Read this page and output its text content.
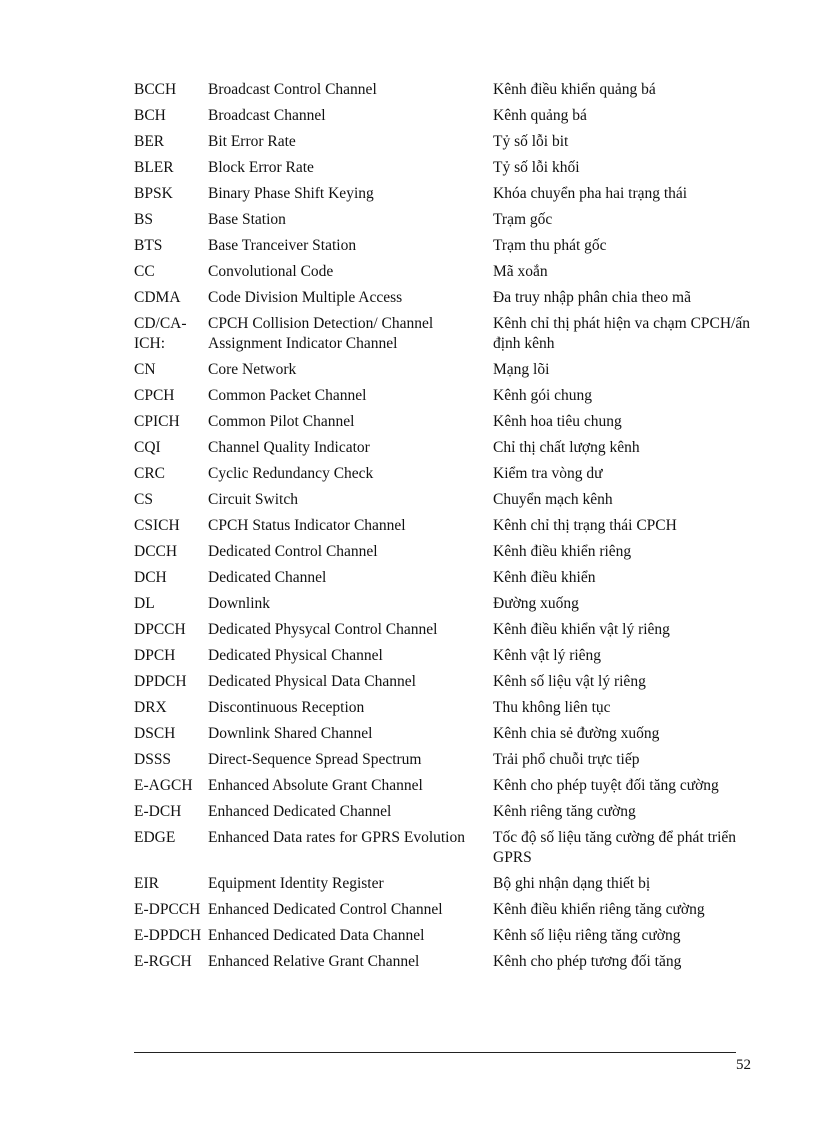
BCCH	Broadcast Control Channel	Kênh điều khiển quảng bá
BCH	Broadcast Channel	Kênh quảng bá
BER	Bit Error Rate	Tỷ số lỗi bit
BLER	Block Error Rate	Tỷ số lỗi khối
BPSK	Binary Phase Shift Keying	Khóa chuyển pha hai trạng thái
BS	Base Station	Trạm gốc
BTS	Base Tranceiver Station	Trạm thu phát gốc
CC	Convolutional Code	Mã xoắn
CDMA	Code Division Multiple Access	Đa truy nhập phân chia theo mã
CD/CA-ICH:	CPCH Collision Detection/ Channel Assignment Indicator Channel	Kênh chỉ thị phát hiện va chạm CPCH/ấn định kênh
CN	Core Network	Mạng lõi
CPCH	Common Packet Channel	Kênh gói chung
CPICH	Common Pilot Channel	Kênh hoa tiêu chung
CQI	Channel Quality Indicator	Chỉ thị chất lượng kênh
CRC	Cyclic Redundancy Check	Kiểm tra vòng dư
CS	Circuit Switch	Chuyển mạch kênh
CSICH	CPCH Status Indicator Channel	Kênh chỉ thị trạng thái CPCH
DCCH	Dedicated Control Channel	Kênh điều khiển riêng
DCH	Dedicated Channel	Kênh điều khiển
DL	Downlink	Đường xuống
DPCCH	Dedicated Physycal Control Channel	Kênh điều khiển vật lý riêng
DPCH	Dedicated Physical Channel	Kênh vật lý riêng
DPDCH	Dedicated Physical Data Channel	Kênh số liệu vật lý riêng
DRX	Discontinuous Reception	Thu không liên tục
DSCH	Downlink Shared Channel	Kênh chia sẻ đường xuống
DSSS	Direct-Sequence Spread Spectrum	Trải phổ chuỗi trực tiếp
E-AGCH	Enhanced Absolute Grant Channel	Kênh cho phép tuyệt đối tăng cường
E-DCH	Enhanced Dedicated Channel	Kênh riêng tăng cường
EDGE	Enhanced Data rates for GPRS Evolution	Tốc độ số liệu tăng cường để phát triển GPRS
EIR	Equipment Identity Register	Bộ ghi nhận dạng thiết bị
E-DPCCH	Enhanced Dedicated Control Channel	Kênh điều khiển riêng tăng cường
E-DPDCH	Enhanced Dedicated Data Channel	Kênh số liệu riêng tăng cường
E-RGCH	Enhanced Relative Grant Channel	Kênh cho phép tương đối tăng
52
